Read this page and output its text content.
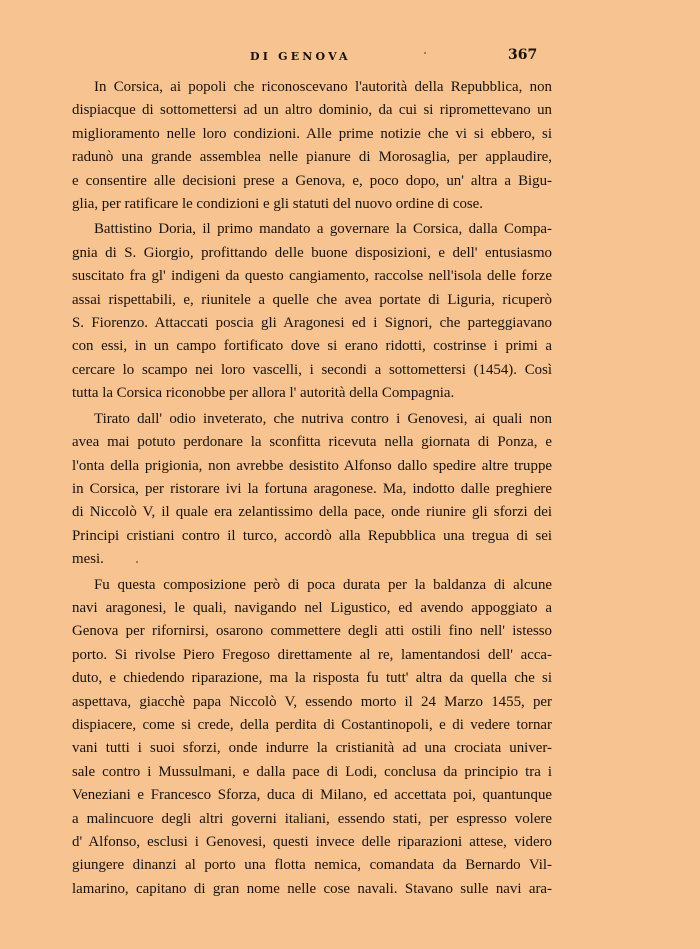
DI GENOVA	367

In Corsica, ai popoli che riconoscevano l'autorità della Repubblica, non
dispiacque di sottomettersi ad un altro dominio, da cui si ripromettevano un
miglioramento nelle loro condizioni. Alle prime notizie che vi si ebbero, si
radunò una grande assemblea nelle pianure di Morosaglia, per applaudire,
e consentire alle decisioni prese a Genova, e, poco dopo, un' altra a Bigu-
glia, per ratificare le condizioni e gli statuti del nuovo ordine di cose.

Battistino Doria, il primo mandato a governare la Corsica, dalla Compa-
gnia di S. Giorgio, profittando delle buone disposizioni, e dell' entusiasmo
suscitato fra gl' indigeni da questo cangiamento, raccolse nell'isola delle forze
assai rispettabili, e, riunitele a quelle che avea portate di Liguria, ricuperò
S. Fiorenzo. Attaccati poscia gli Aragonesi ed i Signori, che parteggiavano
con essi, in un campo fortificato dove si erano ridotti, costrinse i primi a
cercare lo scampo nei loro vascelli, i secondi a sottomettersi (1454). Così
tutta la Corsica riconobbe per allora l' autorità della Compagnia.

Tirato dall' odio inveterato, che nutriva contro i Genovesi, ai quali non
avea mai potuto perdonare la sconfitta ricevuta nella giornata di Ponza, e
l'onta della prigionia, non avrebbe desistito Alfonso dallo spedire altre truppe
in Corsica, per ristorare ivi la fortuna aragonese. Ma, indotto dalle preghiere
di Niccolò V, il quale era zelantissimo della pace, onde riunire gli sforzi dei
Principi cristiani contro il turco, accordò alla Repubblica una tregua di sei
mesi.

Fu questa composizione però di poca durata per la baldanza di alcune
navi aragonesi, le quali, navigando nel Ligustico, ed avendo appoggiato a
Genova per rifornirsi, osarono commettere degli atti ostili fino nell' istesso
porto. Si rivolse Piero Fregoso direttamente al re, lamentandosi dell' acca-
duto, e chiedendo riparazione, ma la risposta fu tutt' altra da quella che si
aspettava, giacchè papa Niccolò V, essendo morto il 24 Marzo 1455, per
dispiacere, come si crede, della perdita di Costantinopoli, e di vedere tornar
vani tutti i suoi sforzi, onde indurre la cristianità ad una crociata univer-
sale contro i Mussulmani, e dalla pace di Lodi, conclusa da principio tra i
Veneziani e Francesco Sforza, duca di Milano, ed accettata poi, quantunque
a malincuore degli altri governi italiani, essendo stati, per espresso volere
d' Alfonso, esclusi i Genovesi, questi invece delle riparazioni attese, videro
giungere dinanzi al porto una flotta nemica, comandata da Bernardo Vil-
lamarino, capitano di gran nome nelle cose navali. Stavano sulle navi ara-
